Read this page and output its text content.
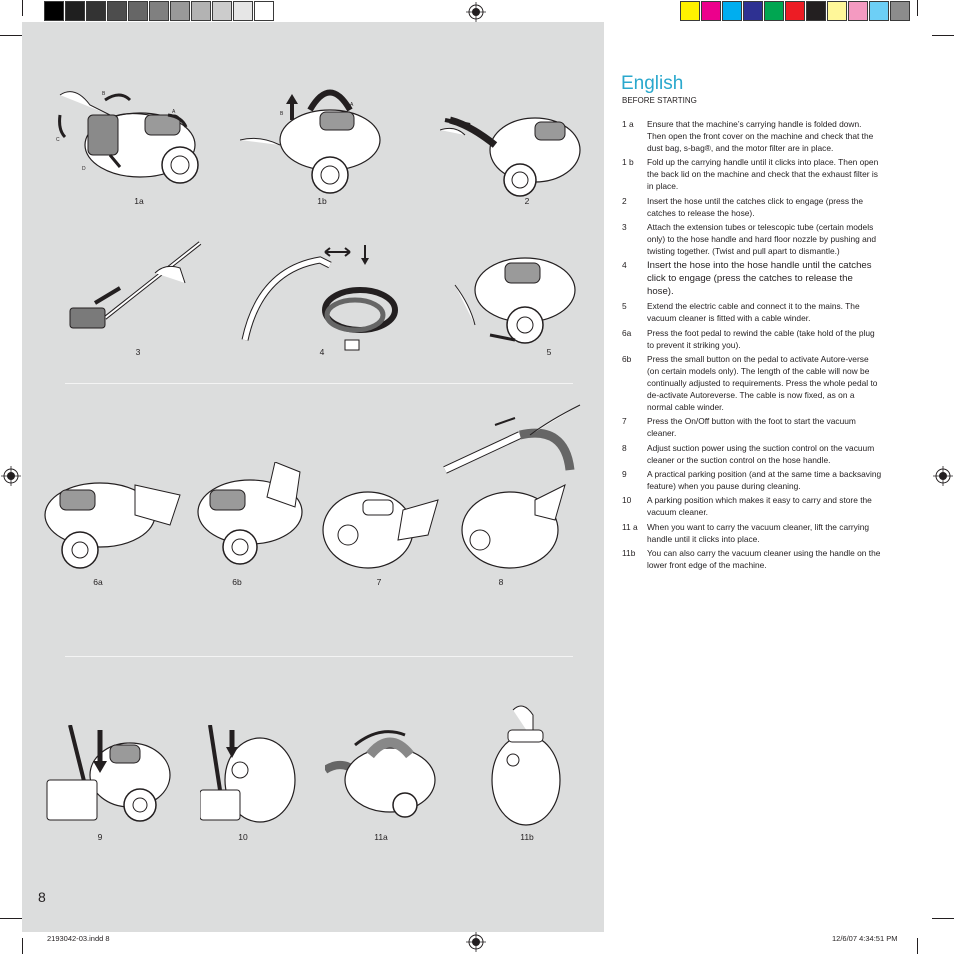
B
A
C
D
B
A
1a	1b	2
3	4	5
6a	6b	7	8
9	10	11a	11b
English
BEFORE STARTING
1 a	Ensure that the machine’s carrying handle is folded down. Then open the front cover on the machine and check that the dust bag, s-bag®, and the motor filter are in place.
1 b	Fold up the carrying handle until it clicks into place. Then open the back lid on the machine and check that the exhaust filter is in place.
2	Insert the hose until the catches click to engage (press the catches to release the hose).
3	Attach the extension tubes or telescopic tube (certain models only) to the hose handle and hard floor nozzle by pushing and twisting together. (Twist and pull apart to dismantle.)
4	Insert the hose into the hose handle until the catches click to engage (press the catches to release the hose).
5	Extend the electric cable and connect it to the mains. The vacuum cleaner is fitted with a cable winder.
6a	Press the foot pedal to rewind the cable (take hold of the plug to prevent it striking you).
6b	Press the small button on the pedal to activate Autore-verse (on certain models only). The length of the cable will now be continually adjusted to requirements. Press the whole pedal to de-activate Autoreverse. The cable is now fixed, as on a normal cable winder.
7	Press the On/Off button with the foot to start the vacuum cleaner.
8	Adjust suction power using the suction control on the vacuum cleaner or the suction control on the hose handle.
9	A practical parking position (and at the same time a backsaving feature) when you pause during cleaning.
10	A parking position which makes it easy to carry and store the vacuum cleaner.
11 a	When you want to carry the vacuum cleaner, lift the carrying handle until it clicks into place.
11b	You can also carry the vacuum cleaner using the handle on the lower front edge of the machine.
8
2193042-03.indd 8	12/6/07 4:34:51 PM
